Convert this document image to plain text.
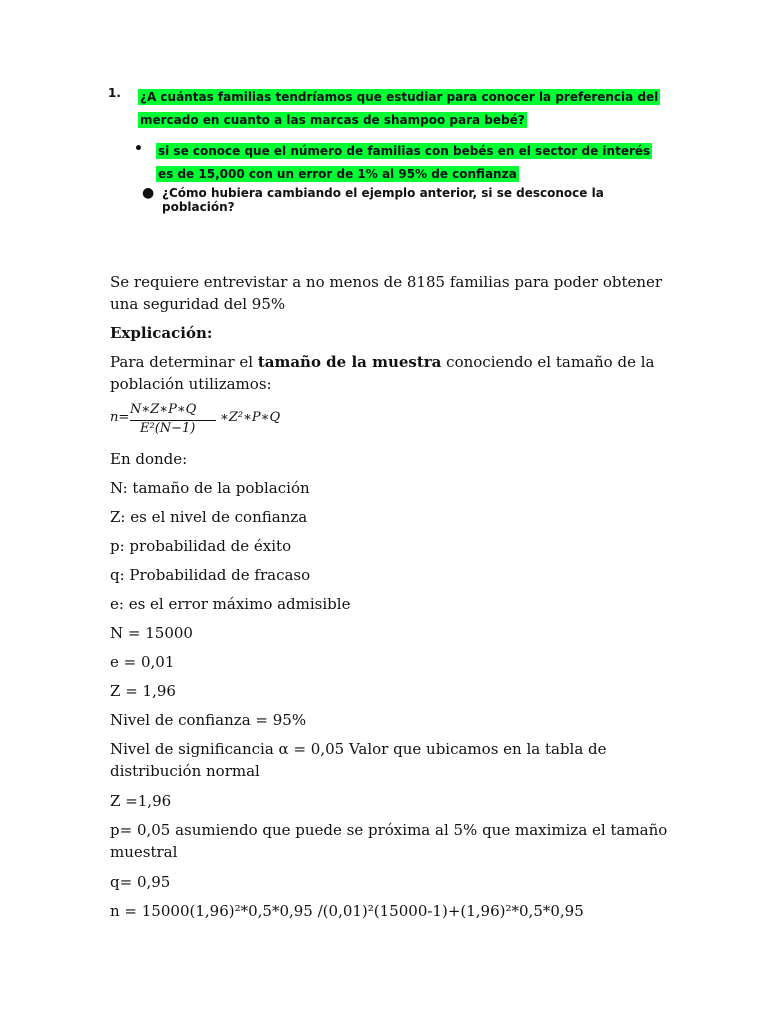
1. ¿A cuántas familias tendríamos que estudiar para conocer la preferencia del mercado en cuanto a las marcas de shampoo para bebé?
• si se conoce que el número de familias con bebés en el sector de interés es de 15,000 con un error de 1% al 95% de confianza
● ¿Cómo hubiera cambiando el ejemplo anterior, si se desconoce la población?
Se requiere entrevistar a no menos de 8185 familias para poder obtener una seguridad del 95%
Explicación:
Para determinar el tamaño de la muestra conociendo el tamaño de la población utilizamos:
n=
N∗Z∗P∗Q
E²(N−1)
∗Z²∗P∗Q
En donde:
N: tamaño de la población
Z: es el nivel de confianza
p: probabilidad de éxito
q: Probabilidad de fracaso
e: es el error máximo admisible
N = 15000
e = 0,01
Z = 1,96
Nivel de confianza = 95%
Nivel de significancia α = 0,05 Valor que ubicamos en la tabla de distribución normal
Z =1,96
p= 0,05 asumiendo que puede se próxima al 5% que maximiza el tamaño muestral
q= 0,95
n = 15000(1,96)²*0,5*0,95 /(0,01)²(15000-1)+(1,96)²*0,5*0,95
